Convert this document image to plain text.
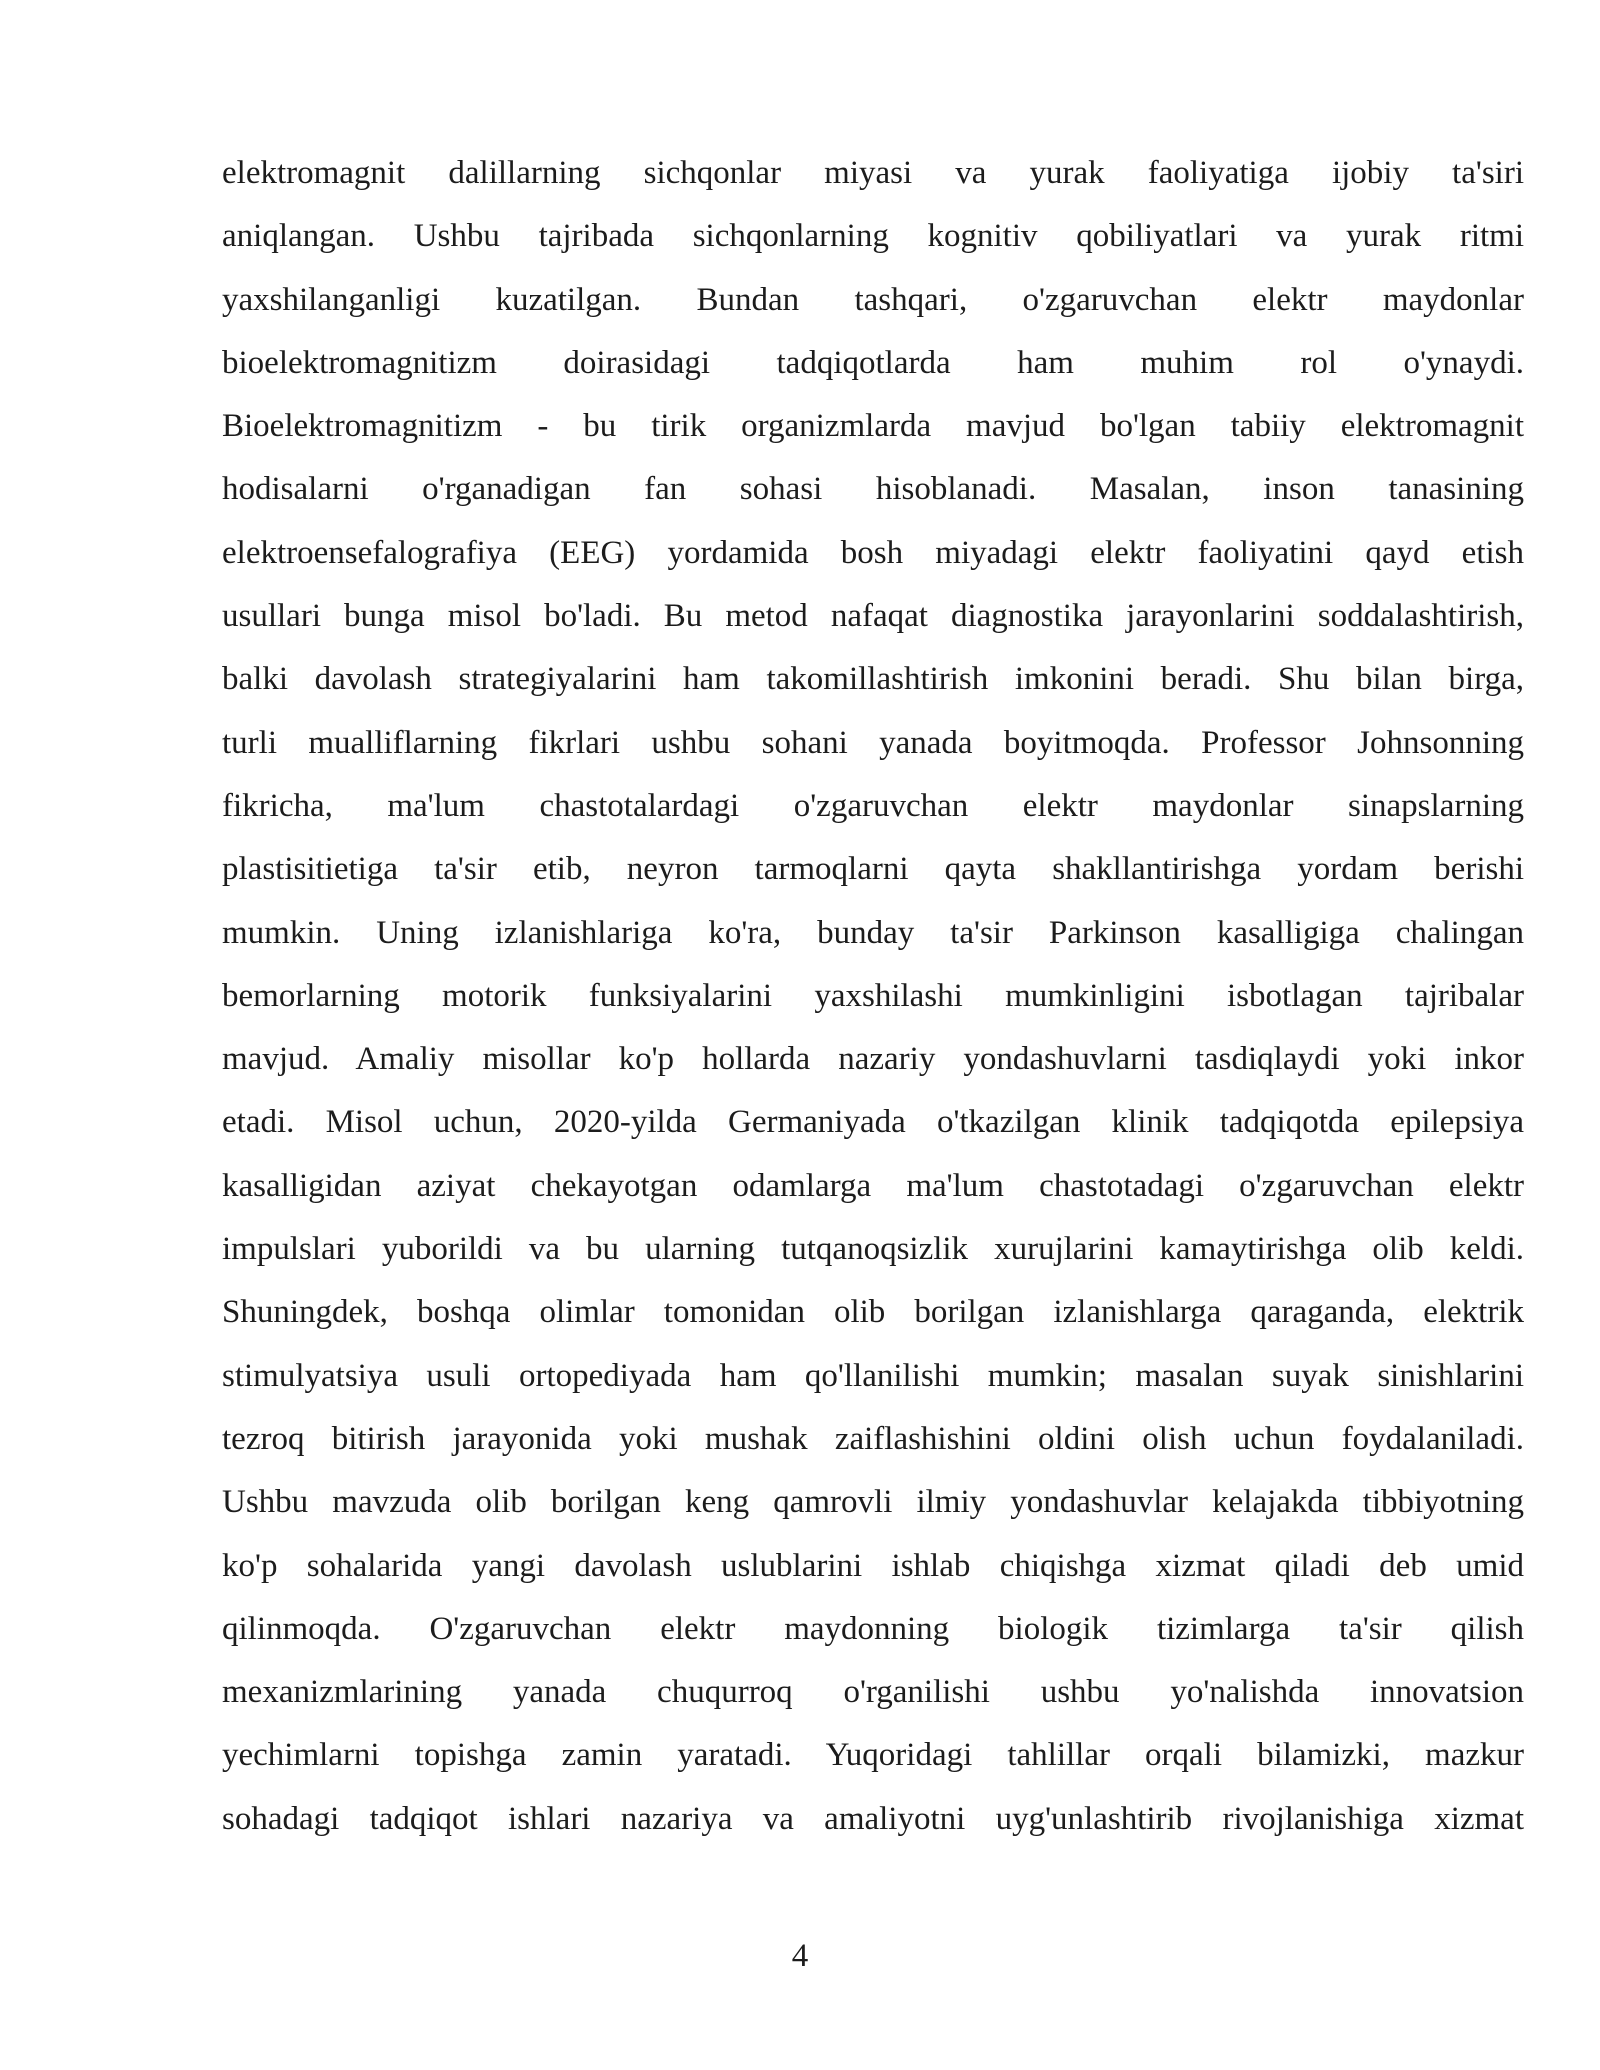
elektromagnit dalillarning sichqonlar miyasi va yurak faoliyatiga ijobiy ta'siri
aniqlangan. Ushbu tajribada sichqonlarning kognitiv qobiliyatlari va yurak ritmi
yaxshilanganligi kuzatilgan. Bundan tashqari, o'zgaruvchan elektr maydonlar
bioelektromagnitizm doirasidagi tadqiqotlarda ham muhim rol o'ynaydi.
Bioelektromagnitizm - bu tirik organizmlarda mavjud bo'lgan tabiiy elektromagnit
hodisalarni o'rganadigan fan sohasi hisoblanadi. Masalan, inson tanasining
elektroensefalografiya (EEG) yordamida bosh miyadagi elektr faoliyatini qayd etish
usullari bunga misol bo'ladi. Bu metod nafaqat diagnostika jarayonlarini soddalashtirish,
balki davolash strategiyalarini ham takomillashtirish imkonini beradi. Shu bilan birga,
turli mualliflarning fikrlari ushbu sohani yanada boyitmoqda. Professor Johnsonning
fikricha, ma'lum chastotalardagi o'zgaruvchan elektr maydonlar sinapslarning
plastisitietiga ta'sir etib, neyron tarmoqlarni qayta shakllantirishga yordam berishi
mumkin. Uning izlanishlariga ko'ra, bunday ta'sir Parkinson kasalligiga chalingan
bemorlarning motorik funksiyalarini yaxshilashi mumkinligini isbotlagan tajribalar
mavjud. Amaliy misollar ko'p hollarda nazariy yondashuvlarni tasdiqlaydi yoki inkor
etadi. Misol uchun, 2020-yilda Germaniyada o'tkazilgan klinik tadqiqotda epilepsiya
kasalligidan aziyat chekayotgan odamlarga ma'lum chastotadagi o'zgaruvchan elektr
impulslari yuborildi va bu ularning tutqanoqsizlik xurujlarini kamaytirishga olib keldi.
Shuningdek, boshqa olimlar tomonidan olib borilgan izlanishlarga qaraganda, elektrik
stimulyatsiya usuli ortopediyada ham qo'llanilishi mumkin; masalan suyak sinishlarini
tezroq bitirish jarayonida yoki mushak zaiflashishini oldini olish uchun foydalaniladi.
Ushbu mavzuda olib borilgan keng qamrovli ilmiy yondashuvlar kelajakda tibbiyotning
ko'p sohalarida yangi davolash uslublarini ishlab chiqishga xizmat qiladi deb umid
qilinmoqda. O'zgaruvchan elektr maydonning biologik tizimlarga ta'sir qilish
mexanizmlarining yanada chuqurroq o'rganilishi ushbu yo'nalishda innovatsion
yechimlarni topishga zamin yaratadi. Yuqoridagi tahlillar orqali bilamizki, mazkur
sohadagi tadqiqot ishlari nazariya va amaliyotni uyg'unlashtirib rivojlanishiga xizmat
4
